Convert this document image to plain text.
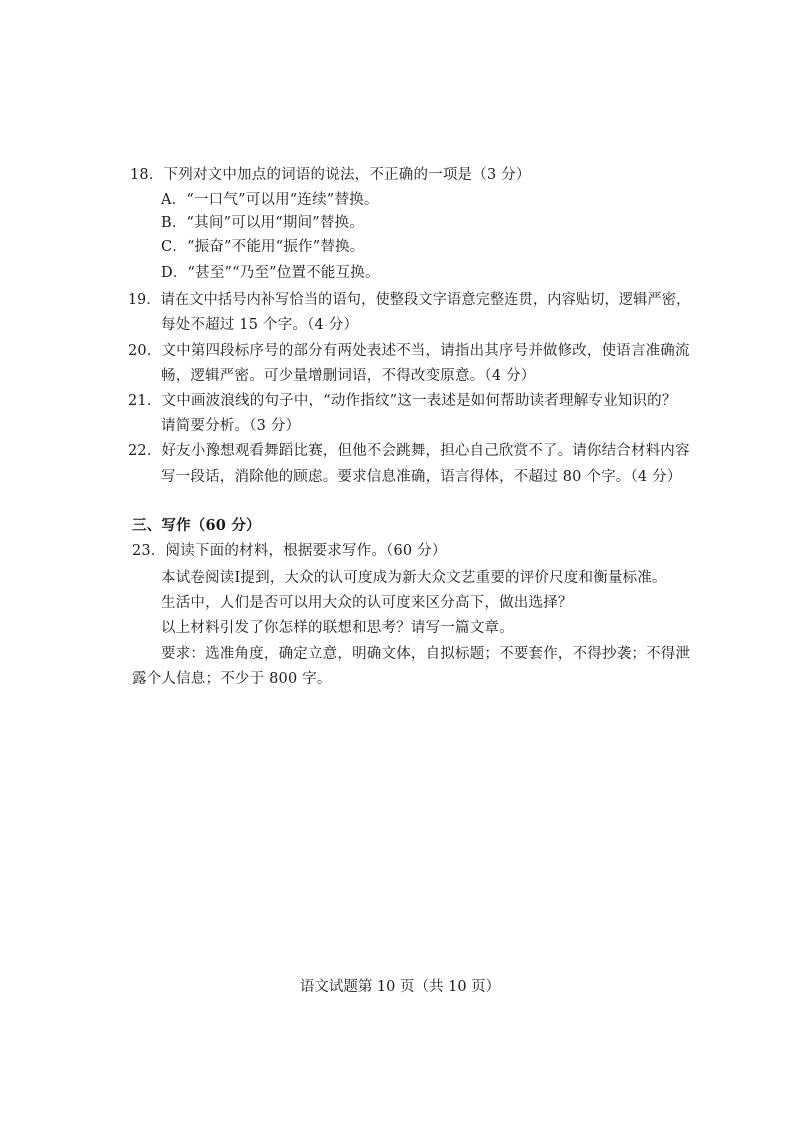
18．下列对文中加点的词语的说法，不正确的一项是（3 分）
A．“一口气”可以用“连续”替换。
B．“其间”可以用“期间”替换。
C．“振奋”不能用“振作”替换。
D．“甚至”“乃至”位置不能互换。
19．请在文中括号内补写恰当的语句，使整段文字语意完整连贯，内容贴切，逻辑严密，
每处不超过 15 个字。（4 分）
20．文中第四段标序号的部分有两处表述不当，请指出其序号并做修改，使语言准确流
畅，逻辑严密。可少量增删词语，不得改变原意。（4 分）
21．文中画波浪线的句子中，“动作指纹”这一表述是如何帮助读者理解专业知识的？
请简要分析。（3 分）
22．好友小豫想观看舞蹈比赛，但他不会跳舞，担心自己欣赏不了。请你结合材料内容
写一段话，消除他的顾虑。要求信息准确，语言得体，不超过 80 个字。（4 分）
三、写作（60 分）
23．阅读下面的材料，根据要求写作。（60 分）
本试卷阅读Ⅰ提到，大众的认可度成为新大众文艺重要的评价尺度和衡量标准。
生活中，人们是否可以用大众的认可度来区分高下，做出选择？
以上材料引发了你怎样的联想和思考？请写一篇文章。
要求：选准角度，确定立意，明确文体，自拟标题；不要套作，不得抄袭；不得泄
露个人信息；不少于 800 字。
语文试题第 10 页（共 10 页）
